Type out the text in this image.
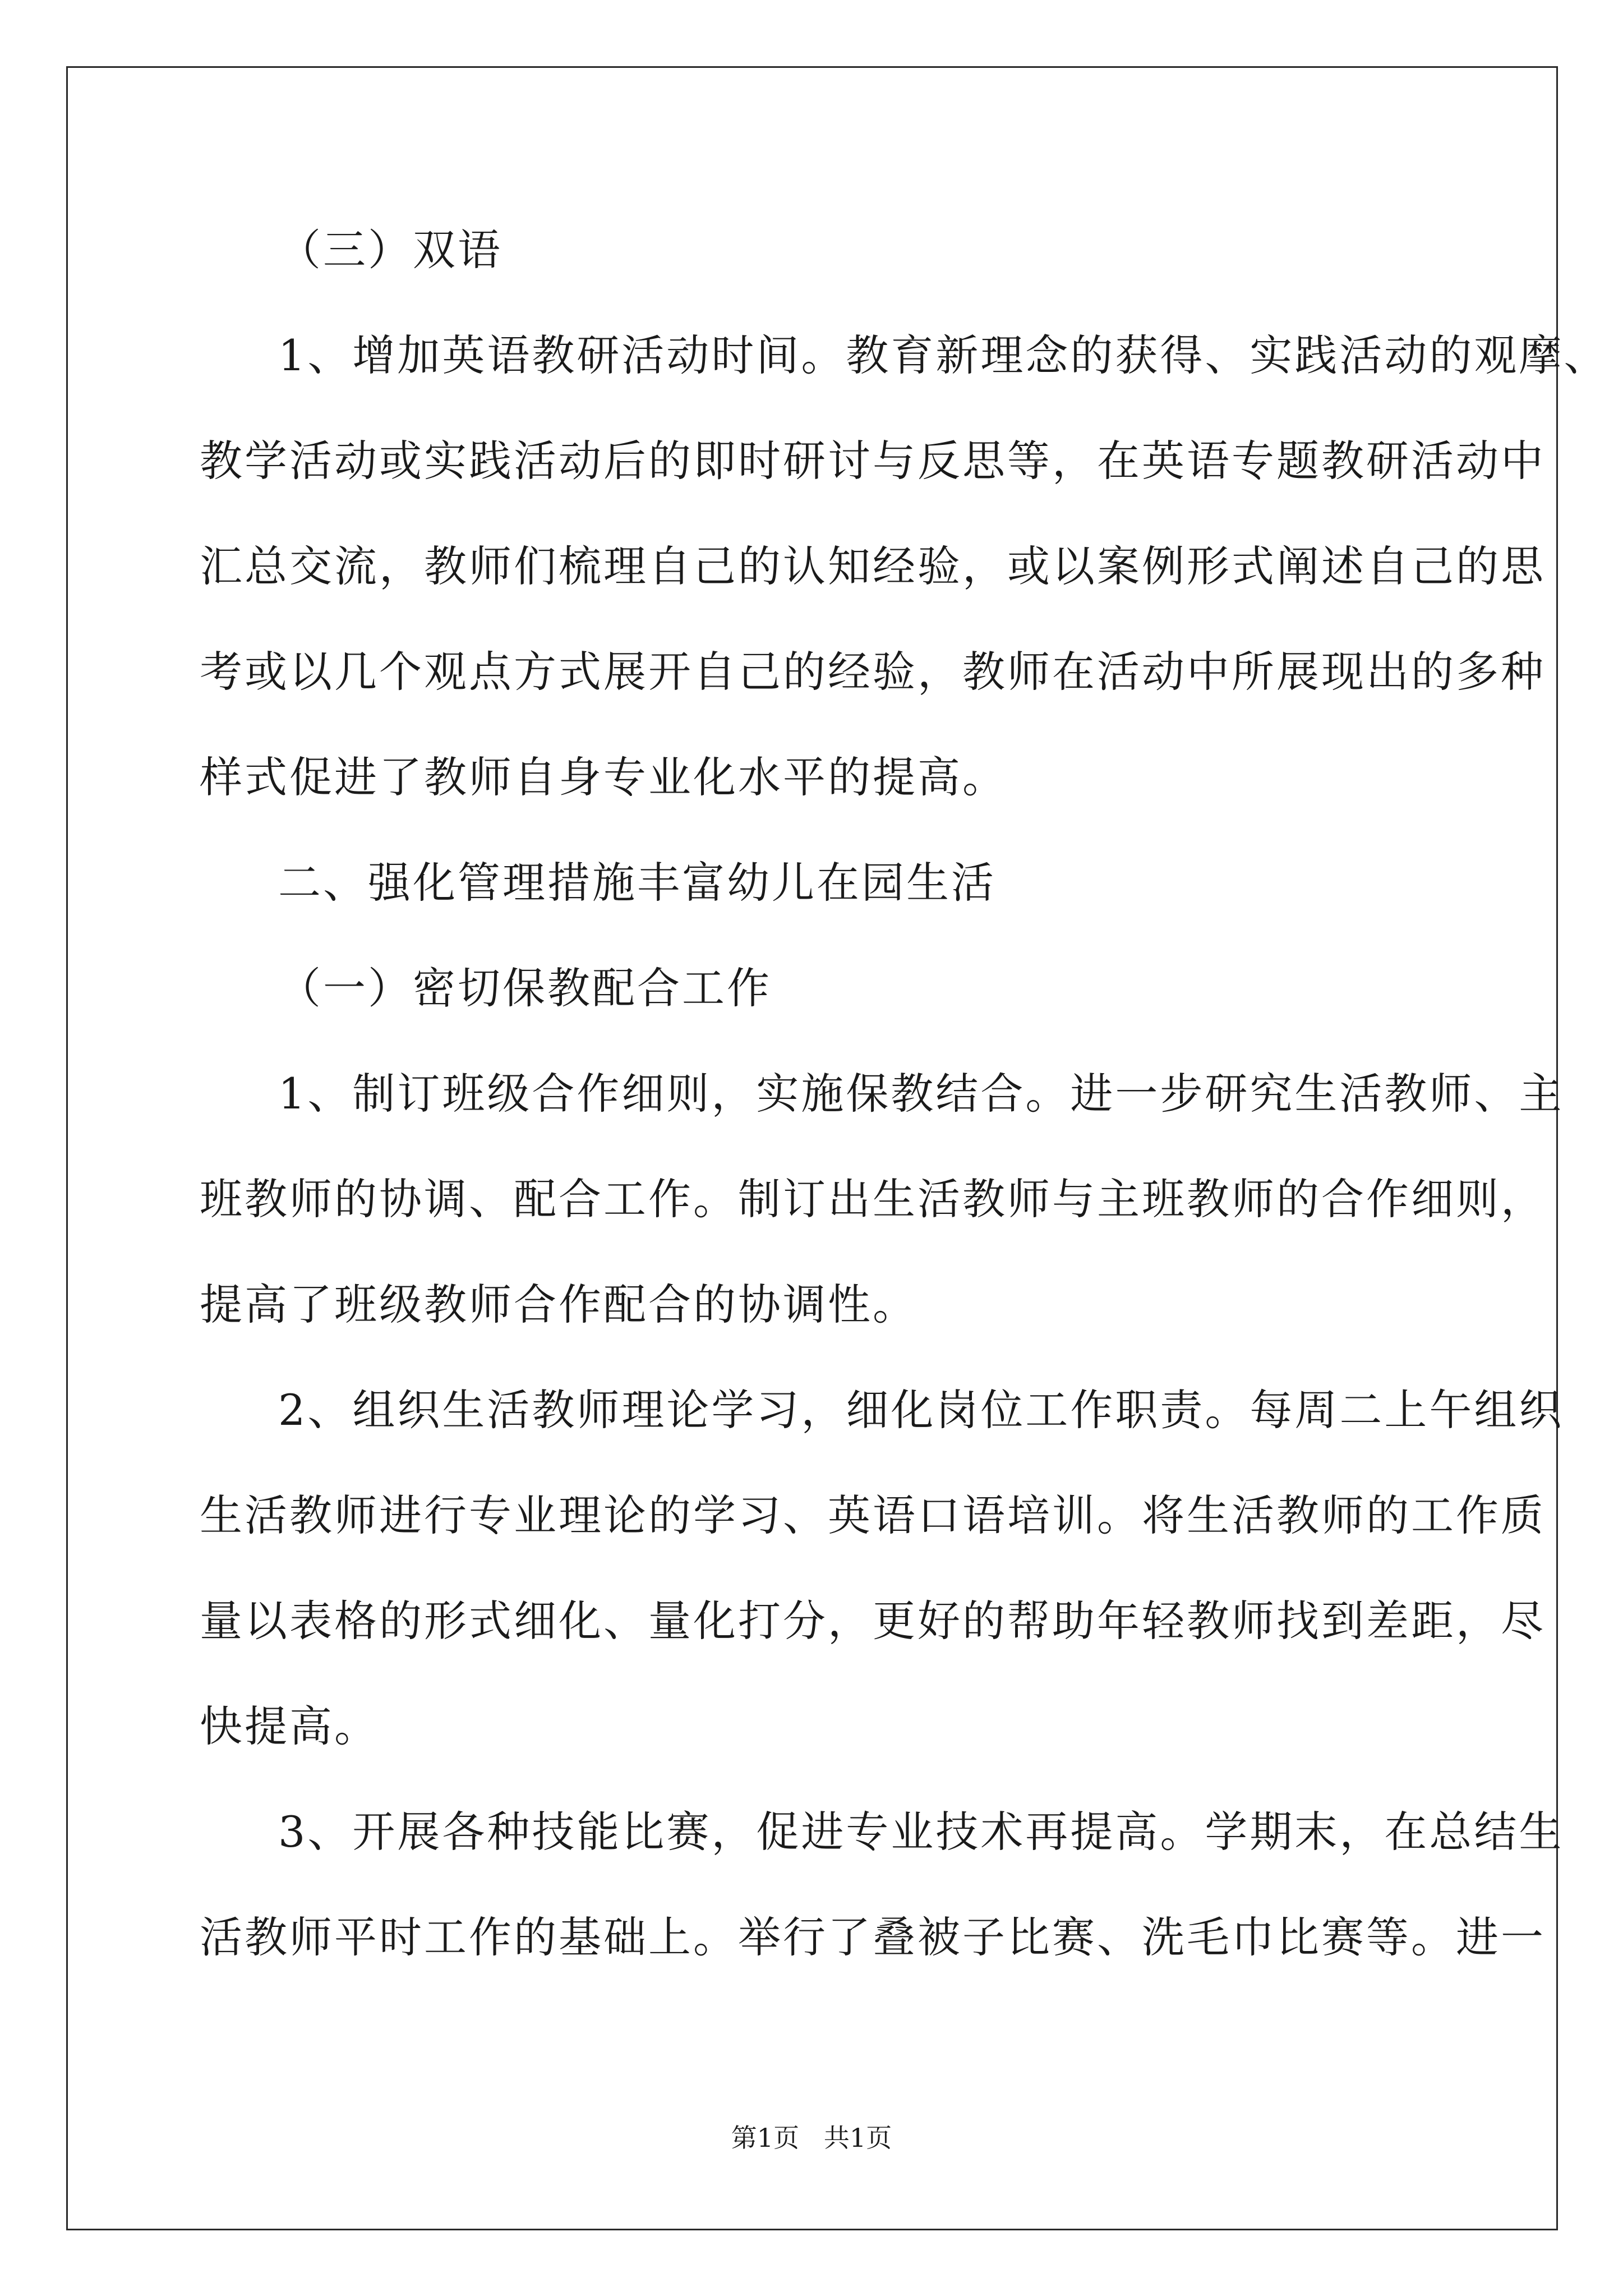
（三）双语
1、增加英语教研活动时间。教育新理念的获得、实践活动的观摩、
教学活动或实践活动后的即时研讨与反思等，在英语专题教研活动中
汇总交流，教师们梳理自己的认知经验，或以案例形式阐述自己的思
考或以几个观点方式展开自己的经验，教师在活动中所展现出的多种
样式促进了教师自身专业化水平的提高。
二、强化管理措施丰富幼儿在园生活
（一）密切保教配合工作
1、制订班级合作细则，实施保教结合。进一步研究生活教师、主
班教师的协调、配合工作。制订出生活教师与主班教师的合作细则，
提高了班级教师合作配合的协调性。
2、组织生活教师理论学习，细化岗位工作职责。每周二上午组织
生活教师进行专业理论的学习、英语口语培训。将生活教师的工作质
量以表格的形式细化、量化打分，更好的帮助年轻教师找到差距，尽
快提高。
3、开展各种技能比赛，促进专业技术再提高。学期末，在总结生
活教师平时工作的基础上。举行了叠被子比赛、洗毛巾比赛等。进一
第1页   共1页
